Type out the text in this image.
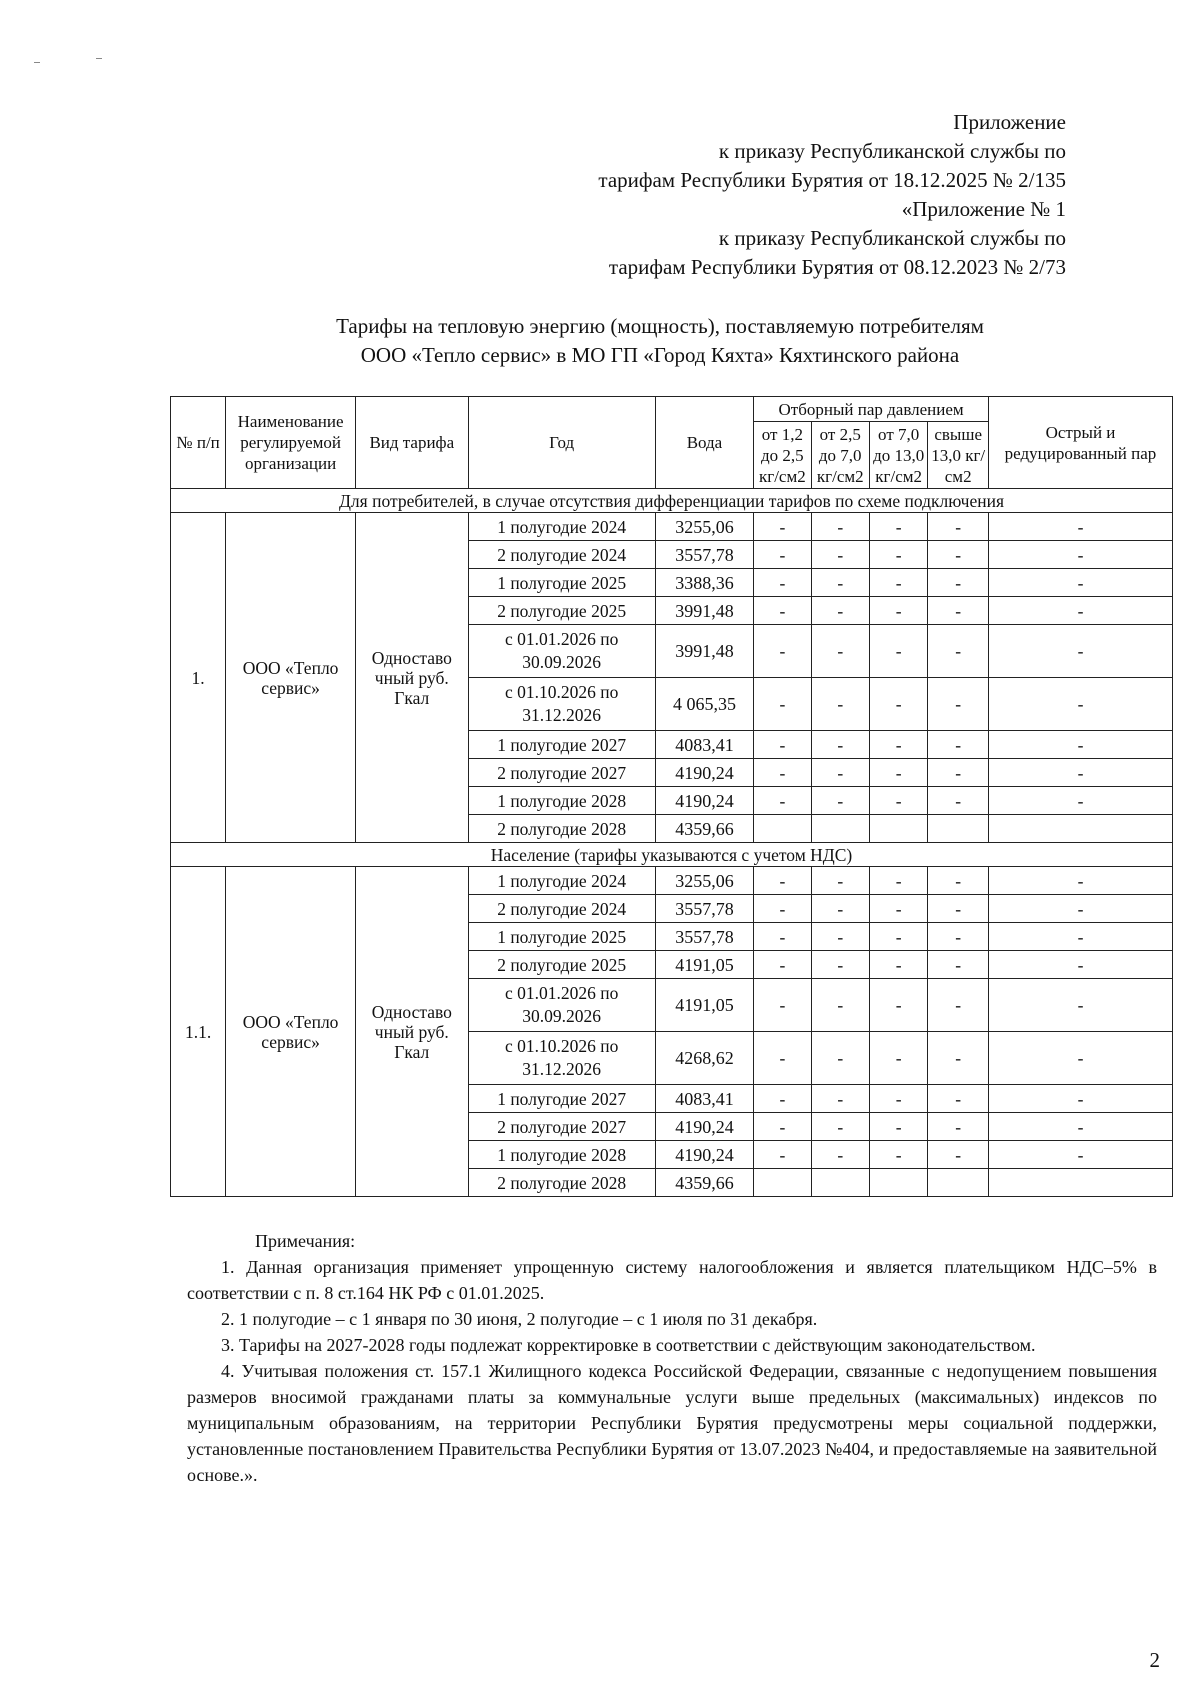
Приложение
к приказу Республиканской службы по
тарифам Республики Бурятия от 18.12.2025 № 2/135
«Приложение № 1
к приказу Республиканской службы по
тарифам Республики Бурятия от 08.12.2023 № 2/73
Тарифы на тепловую энергию (мощность), поставляемую потребителям
ООО «Тепло сервис» в МО ГП «Город Кяхта» Кяхтинского района
№ п/п	Наименование регулируемой организации	Вид тарифа	Год	Вода	Отборный пар давлением				Острый и редуцированный пар
					от 1,2 до 2,5 кг/см2	от 2,5 до 7,0 кг/см2	от 7,0 до 13,0 кг/см2	свыше 13,0 кг/см2	
Для потребителей, в случае отсутствия дифференциации тарифов по схеме подключения									
1.	ООО «Тепло сервис»	Одноставо чный руб. Гкал	1 полугодие 2024	3255,06	-	-	-	-	-
			2 полугодие 2024	3557,78	-	-	-	-	-
			1 полугодие 2025	3388,36	-	-	-	-	-
			2 полугодие 2025	3991,48	-	-	-	-	-
			с 01.01.2026 по 30.09.2026	3991,48	-	-	-	-	-
			с 01.10.2026 по 31.12.2026	4 065,35	-	-	-	-	-
			1 полугодие 2027	4083,41	-	-	-	-	-
			2 полугодие 2027	4190,24	-	-	-	-	-
			1 полугодие 2028	4190,24	-	-	-	-	-
			2 полугодие 2028	4359,66					
Население (тарифы указываются с учетом НДС)									
1.1.	ООО «Тепло сервис»	Одноставо чный руб. Гкал	1 полугодие 2024	3255,06	-	-	-	-	-
			2 полугодие 2024	3557,78	-	-	-	-	-
			1 полугодие 2025	3557,78	-	-	-	-	-
			2 полугодие 2025	4191,05	-	-	-	-	-
			с 01.01.2026 по 30.09.2026	4191,05	-	-	-	-	-
			с 01.10.2026 по 31.12.2026	4268,62	-	-	-	-	-
			1 полугодие 2027	4083,41	-	-	-	-	-
			2 полугодие 2027	4190,24	-	-	-	-	-
			1 полугодие 2028	4190,24	-	-	-	-	-
			2 полугодие 2028	4359,66					
Примечания:
1. Данная организация применяет упрощенную систему налогообложения и является плательщиком НДС–5% в соответствии с п. 8 ст.164 НК РФ с 01.01.2025.
2. 1 полугодие – с 1 января по 30 июня, 2 полугодие – с 1 июля по 31 декабря.
3. Тарифы на 2027-2028 годы подлежат корректировке в соответствии с действующим законодательством.
4. Учитывая положения ст. 157.1 Жилищного кодекса Российской Федерации, связанные с недопущением повышения размеров вносимой гражданами платы за коммунальные услуги выше предельных (максимальных) индексов по муниципальным образованиям, на территории Республики Бурятия предусмотрены меры социальной поддержки, установленные постановлением Правительства Республики Бурятия от 13.07.2023 №404, и предоставляемые на заявительной основе.».
2
